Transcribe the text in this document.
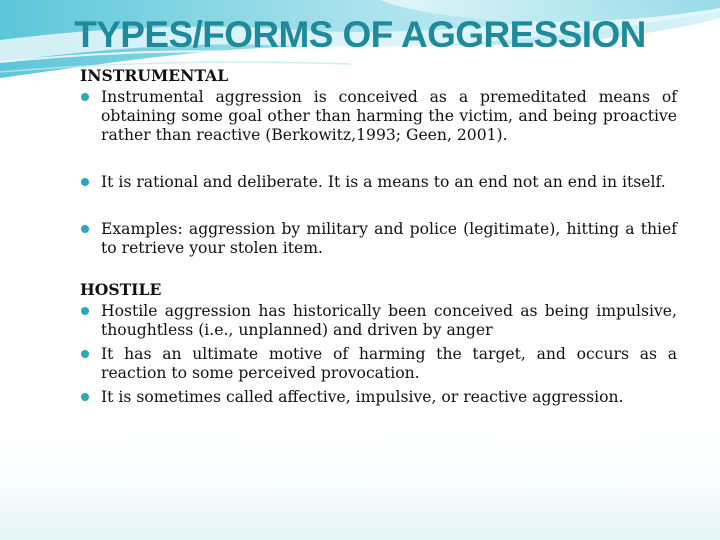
TYPES/FORMS OF AGGRESSION
INSTRUMENTAL
Instrumental aggression is conceived as a premeditated means of obtaining some goal other than harming the victim, and being proactive rather than reactive (Berkowitz,1993; Geen, 2001).
It is rational and deliberate. It is a means to an end not an end in itself.
Examples: aggression by military and police (legitimate), hitting a thief to retrieve your stolen item.
HOSTILE
Hostile aggression has historically been conceived as being impulsive, thoughtless (i.e., unplanned) and driven by anger
It has an ultimate motive of harming the target, and occurs as a reaction to some perceived provocation.
It is sometimes called affective, impulsive, or reactive aggression.
